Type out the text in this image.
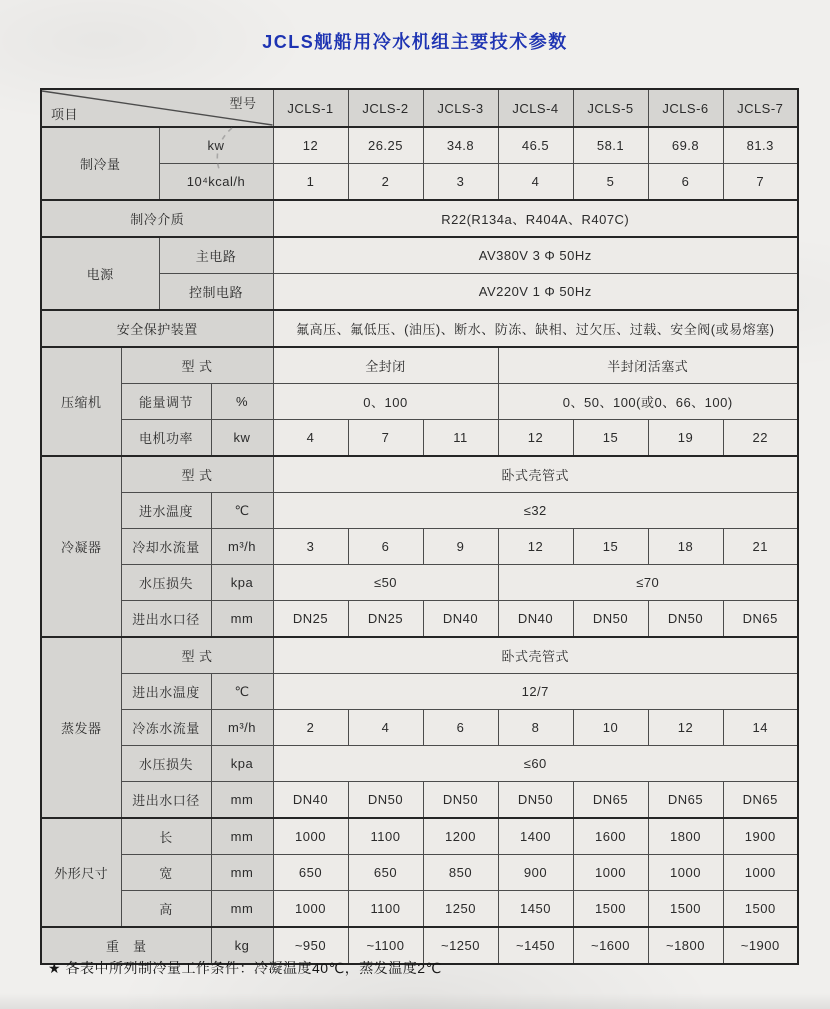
JCLS舰船用冷水机组主要技术参数
型号
项目				JCLS-1	JCLS-2	JCLS-3	JCLS-4	JCLS-5	JCLS-6	JCLS-7
制冷量		kw		12	26.25	34.8	46.5	58.1	69.8	81.3
		10⁴kcal/h		1	2	3	4	5	6	7
制冷介质				R22(R134a、R404A、R407C)						
电源		主电路		AV380V 3 Φ 50Hz						
		控制电路		AV220V 1 Φ 50Hz						
安全保护装置				氟高压、氟低压、(油压)、断水、防冻、缺相、过欠压、过载、安全阀(或易熔塞)						
压缩机	型 式			全封闭			半封闭活塞式			
	能量调节		%	0、100			0、50、100(或0、66、100)			
	电机功率		kw	4	7	11	12	15	19	22
冷凝器	型 式			卧式壳管式						
	进水温度		℃	≤32						
	冷却水流量		m³/h	3	6	9	12	15	18	21
	水压损失		kpa	≤50			≤70			
	进出水口径		mm	DN25	DN25	DN40	DN40	DN50	DN50	DN65
蒸发器	型 式			卧式壳管式						
	进出水温度		℃	12/7						
	冷冻水流量		m³/h	2	4	6	8	10	12	14
	水压损失		kpa	≤60						
	进出水口径		mm	DN40	DN50	DN50	DN50	DN65	DN65	DN65
外形尺寸	长		mm	1000	1100	1200	1400	1600	1800	1900
	宽		mm	650	650	850	900	1000	1000	1000
	高		mm	1000	1100	1250	1450	1500	1500	1500
重　量			kg	~950	~1100	~1250	~1450	~1600	~1800	~1900

★ 各表中所列制冷量工作条件：冷凝温度40℃，蒸发温度2℃
